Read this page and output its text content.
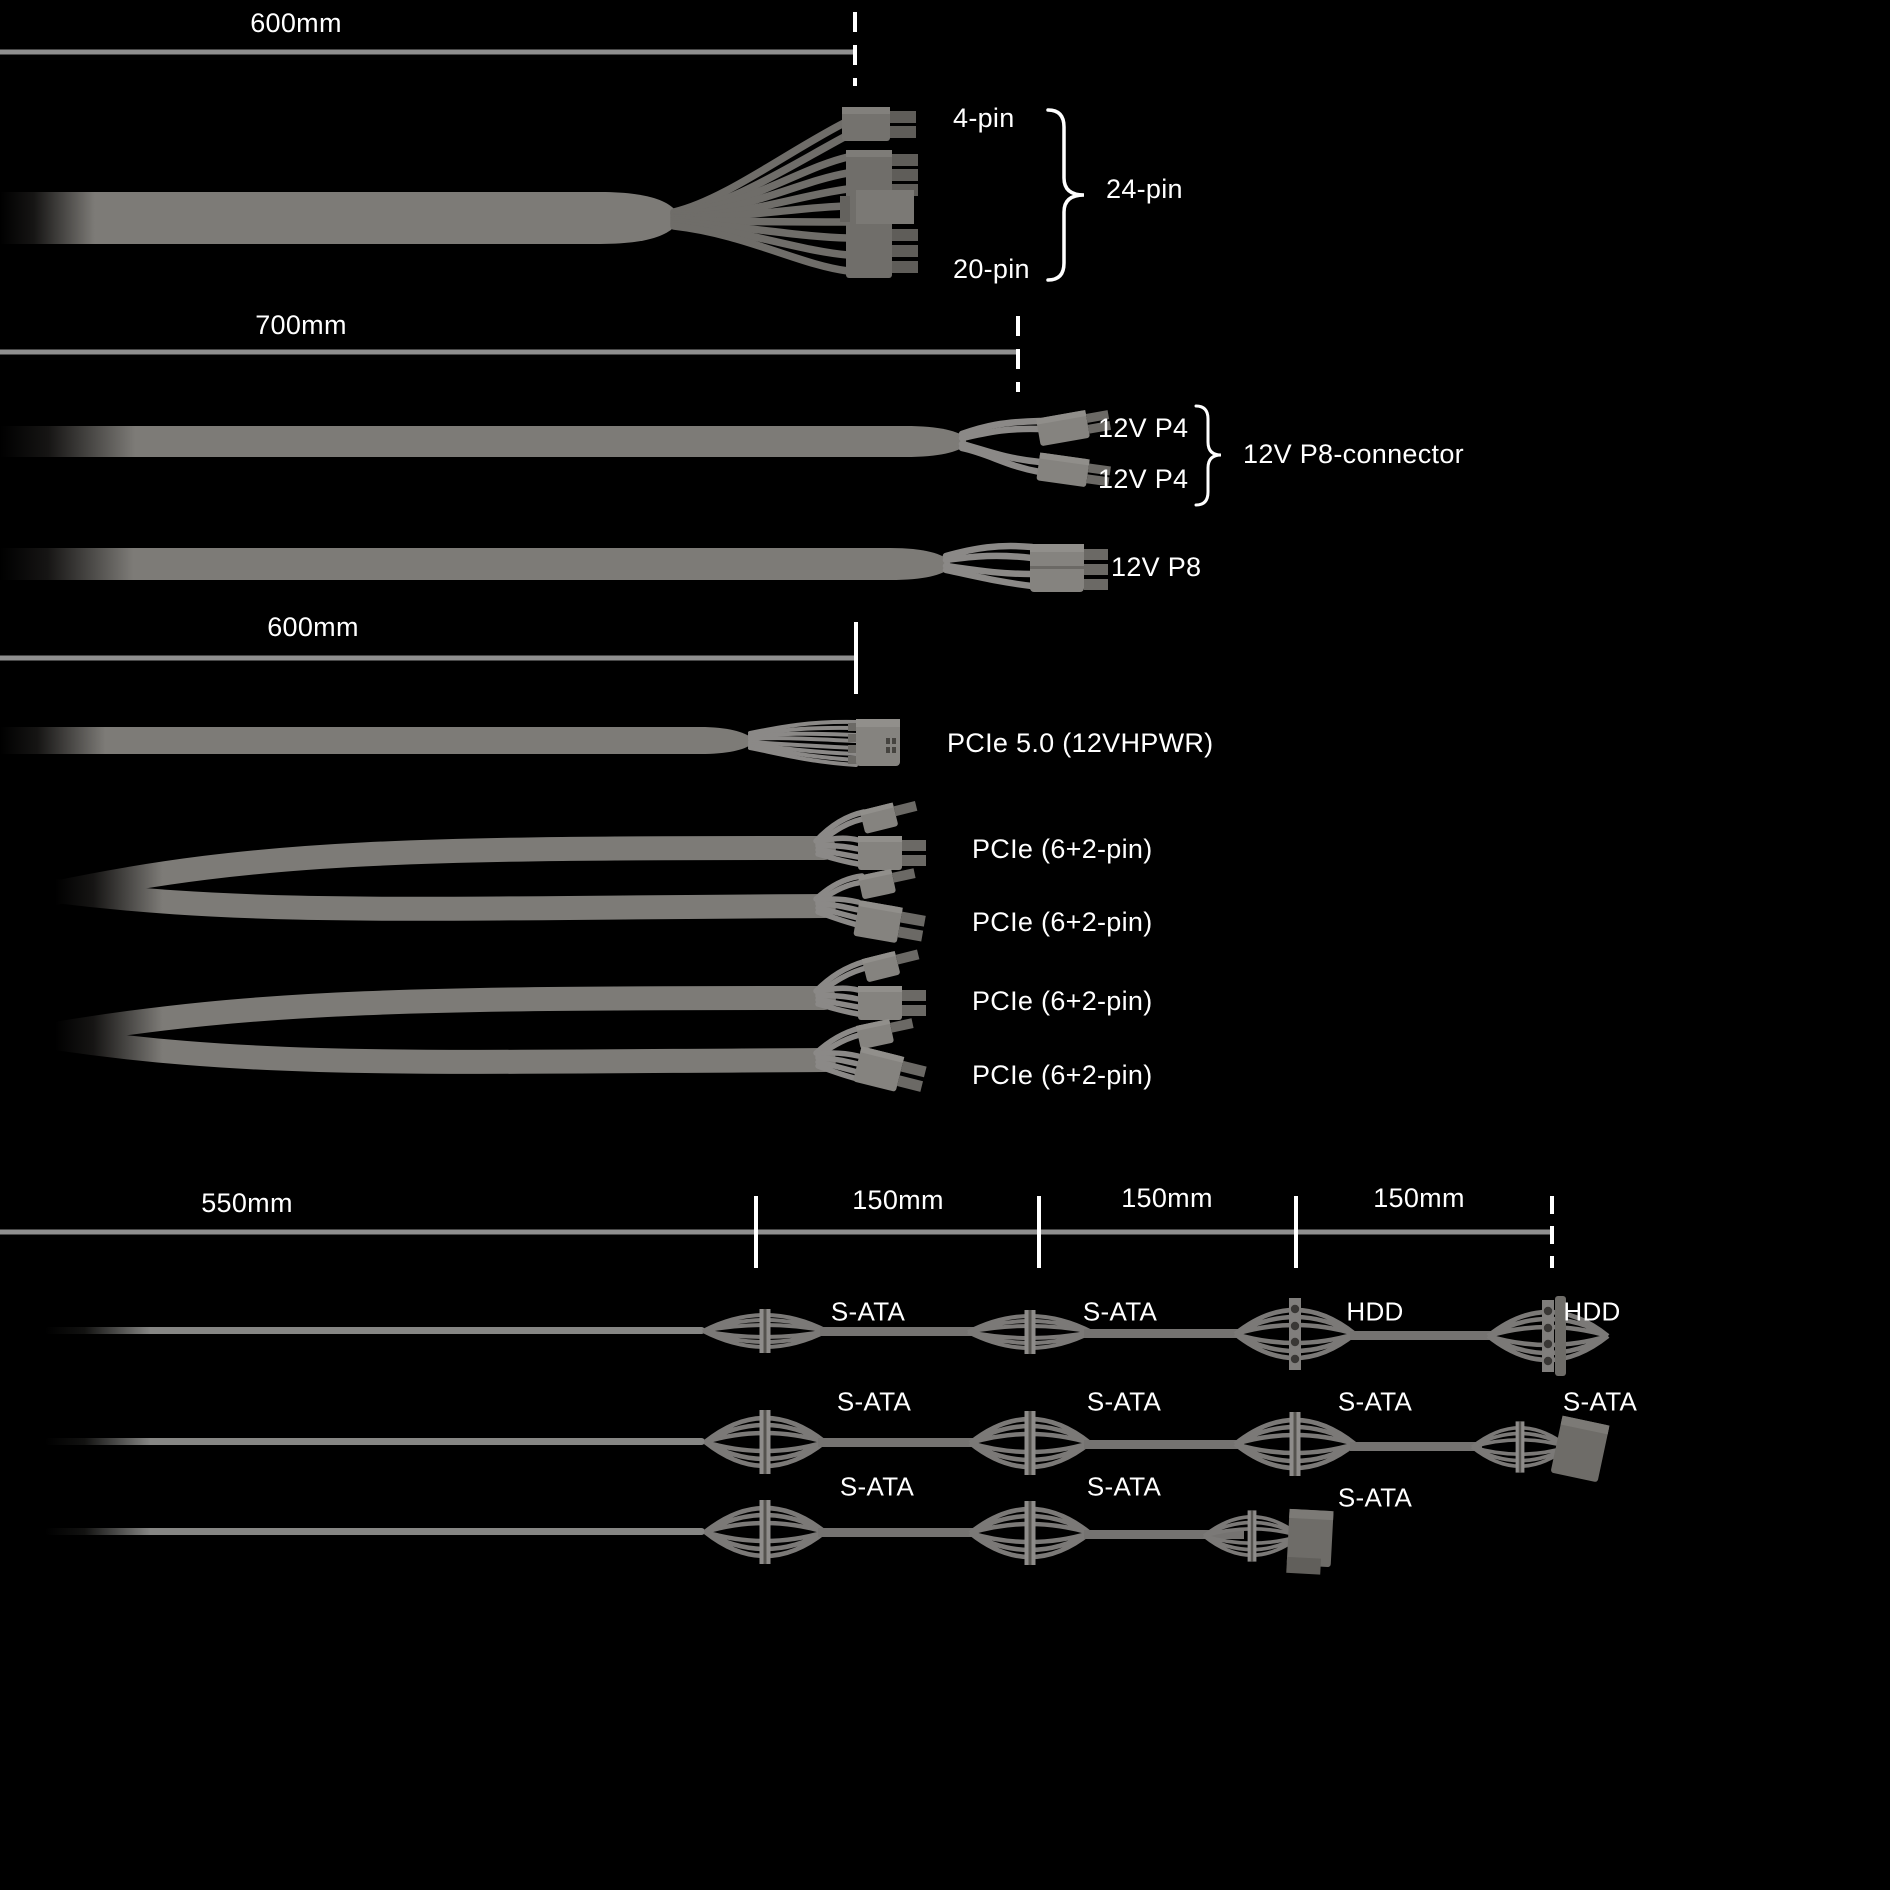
600mm
4-pin
24-pin
20-pin
700mm
12V P4
12V P4
12V P8-connector
12V P8
600mm
PCIe 5.0 (12VHPWR)
PCIe (6+2-pin)
PCIe (6+2-pin)
PCIe (6+2-pin)
PCIe (6+2-pin)
550mm	150mm	150mm	150mm
S-ATA	S-ATA	HDD	HDD
S-ATA	S-ATA	S-ATA	S-ATA
S-ATA	S-ATA	S-ATA
